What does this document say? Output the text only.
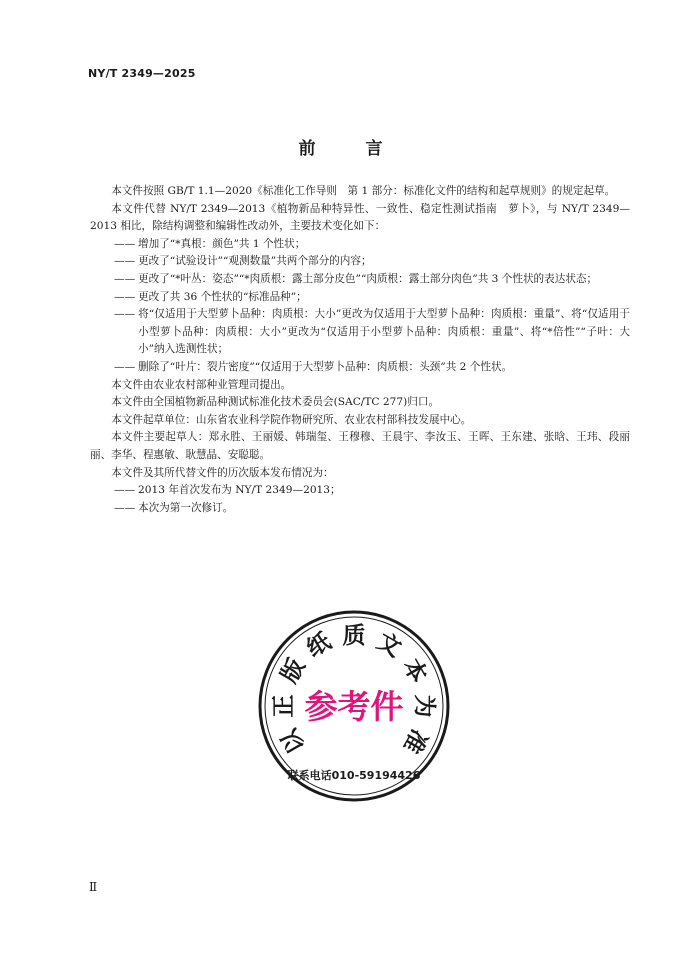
NY/T 2349—2025
前 言

本文件按照 GB/T 1.1—2020《标准化工作导则　第 1 部分：标准化文件的结构和起草规则》的规定起草。

本文件代替 NY/T 2349—2013《植物新品种特异性、一致性、稳定性测试指南　萝卜》，与 NY/T 2349—2013 相比，除结构调整和编辑性改动外，主要技术变化如下：

—— 增加了“*真根：颜色”共 1 个性状；

—— 更改了“试验设计”“观测数量”共两个部分的内容；

—— 更改了“*叶丛：姿态”“*肉质根：露土部分皮色”“肉质根：露土部分肉色”共 3 个性状的表达状态；

—— 更改了共 36 个性状的“标准品种”；

—— 将“仅适用于大型萝卜品种：肉质根：大小”更改为仅适用于大型萝卜品种：肉质根：重量”、将“仅适用于小型萝卜品种：肉质根：大小”更改为“仅适用于小型萝卜品种：肉质根：重量”、将“*倍性”“子叶：大小”纳入选测性状；

—— 删除了“叶片：裂片密度”“仅适用于大型萝卜品种：肉质根：头颈”共 2 个性状。

本文件由农业农村部种业管理司提出。

本文件由全国植物新品种测试标准化技术委员会(SAC/TC 277)归口。

本文件起草单位：山东省农业科学院作物研究所、农业农村部科技发展中心。

本文件主要起草人：郑永胜、王丽媛、韩瑞玺、王穆穆、王晨宇、李汝玉、王晖、王东建、张晗、王玮、段丽丽、李华、程惠敏、耿慧晶、安聪聪。

本文件及其所代替文件的历次版本发布情况为：

—— 2013 年首次发布为 NY/T 2349—2013；

—— 本次为第一次修订。

以
正
版
纸 质 文
本
为
准
参考件
联系电话010-59194426
Ⅱ
